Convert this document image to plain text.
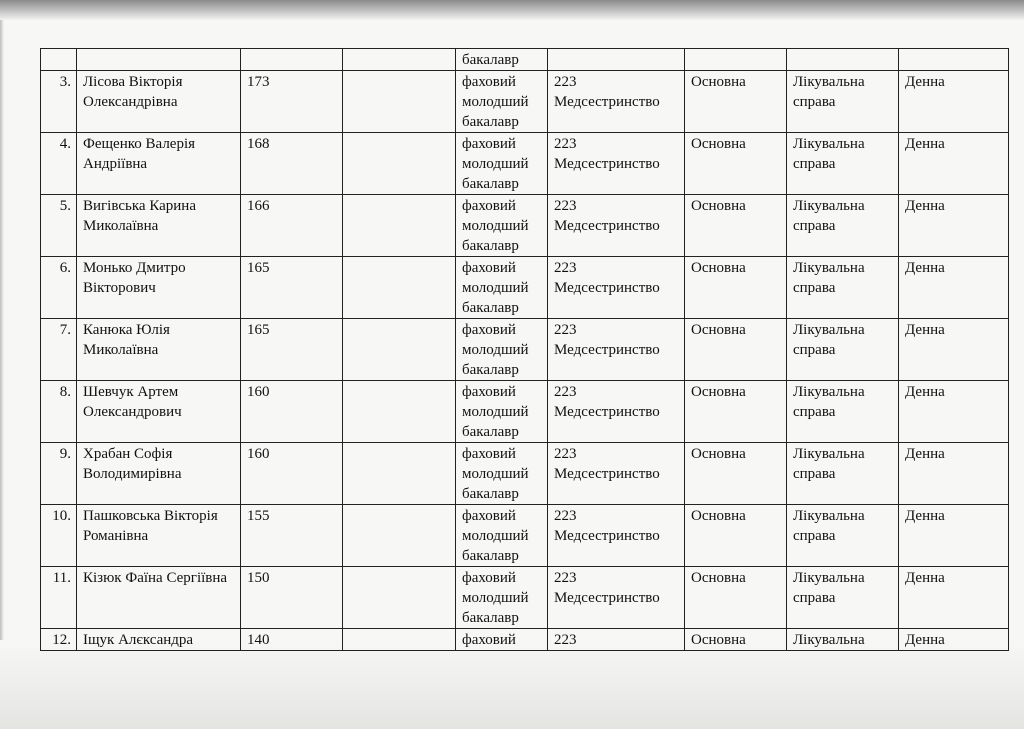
				бакалавр				
3.	Лісова Вікторія Олександрівна	173		фаховий молодший бакалавр	223 Медсестринство	Основна	Лікувальна справа	Денна
4.	Фещенко Валерія Андріївна	168		фаховий молодший бакалавр	223 Медсестринство	Основна	Лікувальна справа	Денна
5.	Вигівська Карина Миколаївна	166		фаховий молодший бакалавр	223 Медсестринство	Основна	Лікувальна справа	Денна
6.	Монько Дмитро Вікторович	165		фаховий молодший бакалавр	223 Медсестринство	Основна	Лікувальна справа	Денна
7.	Канюка Юлія Миколаївна	165		фаховий молодший бакалавр	223 Медсестринство	Основна	Лікувальна справа	Денна
8.	Шевчук Артем Олександрович	160		фаховий молодший бакалавр	223 Медсестринство	Основна	Лікувальна справа	Денна
9.	Храбан Софія Володимирівна	160		фаховий молодший бакалавр	223 Медсестринство	Основна	Лікувальна справа	Денна
10.	Пашковська Вікторія Романівна	155		фаховий молодший бакалавр	223 Медсестринство	Основна	Лікувальна справа	Денна
11.	Кізюк Фаїна Сергіївна	150		фаховий молодший бакалавр	223 Медсестринство	Основна	Лікувальна справа	Денна
12.	Іщук Алєксандра	140		фаховий	223	Основна	Лікувальна	Денна
